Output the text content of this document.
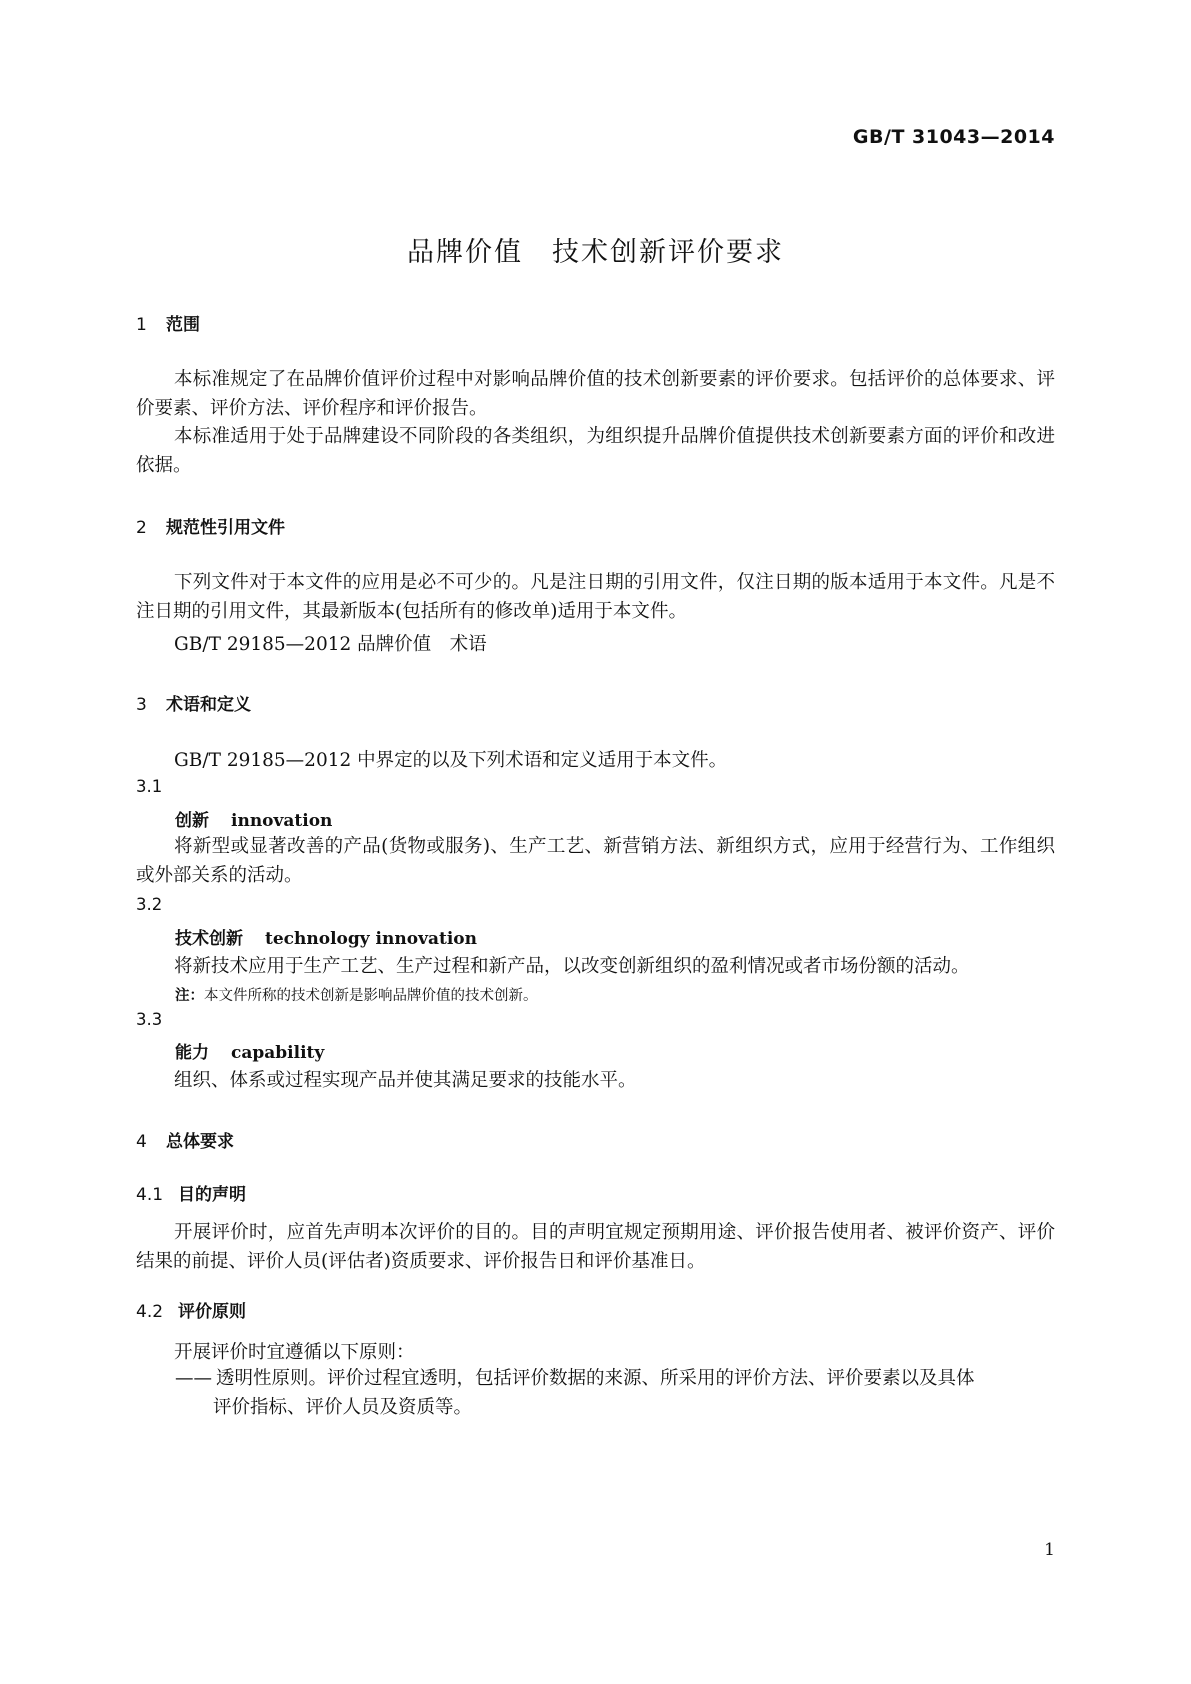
GB/T 31043—2014
品牌价值　技术创新评价要求
1 范围
本标准规定了在品牌价值评价过程中对影响品牌价值的技术创新要素的评价要求。包括评价的总体要求、评价要素、评价方法、评价程序和评价报告。
本标准适用于处于品牌建设不同阶段的各类组织，为组织提升品牌价值提供技术创新要素方面的评价和改进依据。
2 规范性引用文件
下列文件对于本文件的应用是必不可少的。凡是注日期的引用文件，仅注日期的版本适用于本文件。凡是不注日期的引用文件，其最新版本(包括所有的修改单)适用于本文件。
GB/T 29185—2012 品牌价值　术语
3 术语和定义
GB/T 29185—2012 中界定的以及下列术语和定义适用于本文件。
3.1
创新 innovation
将新型或显著改善的产品(货物或服务)、生产工艺、新营销方法、新组织方式，应用于经营行为、工作组织或外部关系的活动。
3.2
技术创新 technology innovation
将新技术应用于生产工艺、生产过程和新产品，以改变创新组织的盈利情况或者市场份额的活动。
注：本文件所称的技术创新是影响品牌价值的技术创新。
3.3
能力 capability
组织、体系或过程实现产品并使其满足要求的技能水平。
4 总体要求
4.1 目的声明
开展评价时，应首先声明本次评价的目的。目的声明宜规定预期用途、评价报告使用者、被评价资产、评价结果的前提、评价人员(评估者)资质要求、评价报告日和评价基准日。
4.2 评价原则
开展评价时宜遵循以下原则：
—— 透明性原则。评价过程宜透明，包括评价数据的来源、所采用的评价方法、评价要素以及具体
评价指标、评价人员及资质等。
1
